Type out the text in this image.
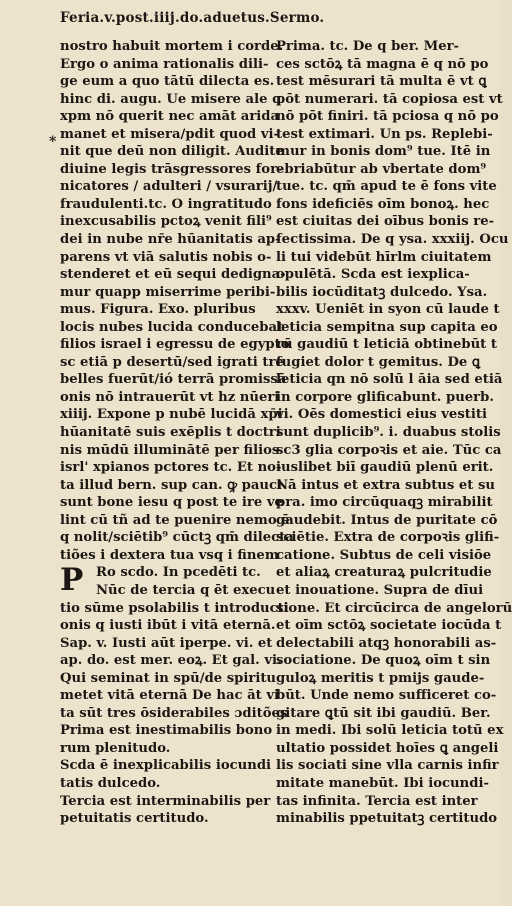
Feria.v.post.iiij.do.aduetus.Sermo.
*
nostro habuit mortem i corde.
Ergo o anima rationalis dili-
ge eum a quo tātū dilecta es.
hinc di. augu. Ue misere ale q
xpm nō querit nec amāt arida
manet et misera/pdit quod vi-
nit que deū non diligit. Audite
diuine legis trāsgressores for-
nicatores / adulteri / vsurarij/
fraudulenti.tc. O ingratitudo
inexcusabilis pctoꝝ venit fili⁹
dei in nube nr̄e hūanitatis ap-
parens vt viā salutis nobis o-
stenderet et eū sequi dedigna-
mur quapp miserrime peribi-
mus. Figura. Exo. pluribus
locis nubes lucida conducebat
filios israel i egressu de egypto
sc etiā p desertū/sed igrati tre
belles fuerūt/ió terrā promissā
onis nō intrauerūt vt hz nūeri
xiiij. Expone p nubē lucidā xp̄i
hūanitatē suis exēplis t doctri
nis mūdū illuminātē per filios
isrl' xpianos pctores tc. Et no-
ta illud bern. sup can. ꝙ pauci
sunt bone iesu q post te ire ve
lint cū tñ ad te puenire nemo ē
q nolit/sciētib⁹ cūctꝫ qm̄ dilecta
tiões i dextera tua vsq i finem
P Ro scdo. In pcedēti tc.
Nūc de tercia q ēt execu
tio sūme psolabilis t introducti
onis q iusti ibūt i vitā eternā.
Sap. v. Iusti aūt iperpe. vi. et
ap. do. est mer. eoꝝ. Et gal. vi.
Qui seminat in spū/de spiritu
metet vitā eternā De hac āt vi
ta sūt tres ōsiderabiles ɔditões
Prima est inestimabilis bono
rum plenitudo.
Scda ē inexplicabilis iocundi
tatis dulcedo.
Tercia est interminabilis per
petuitatis certitudo.
Prima. tc. De q ber. Mer-
ces sctōꝝ tā magna ē q nō po
test mēsurari tā multa ē vt ꝗ
pōt numerari. tā copiosa est vt
nō pōt finiri. tā pciosa q nō po
test extimari. Un ps. Replebi-
mur in bonis dom⁹ tue. Itē in
ebriabūtur ab vbertate dom⁹
tue. tc. qm̄ apud te ē fons vite
fons ideficiēs oīm bonoꝝ. hec
est ciuitas dei oībus bonis re-
fectissima. De q ysa. xxxiij. Ocu
li tui videbūt hīrlm ciuitatem
opulētā. Scda est iexplica-
bilis iocūditatꝫ dulcedo. Ysa.
xxxv. Ueniēt in syon cū laude t
leticia sempitna sup capita eo
rū gaudiū t leticiā obtinebūt t
fugiet dolor t gemitus. De ꝗ
leticia qn nō solū l āia sed etiā
in corpore glificabunt. puerb.
vi. Oēs domestici eius vestiti
sunt duplicib⁹. i. duabus stolis
sc3 glia corpoꝛis et aie. Tūc ca
iuslibet biī gaudiū plenū erit.
Nā intus et extra subtus et su
pra. imo circūquaqꝫ mirabilit
gaudebit. Intus de puritate cō
sciētie. Extra de corpoꝛis glifi-
catione. Subtus de celi visiōe
et aliaꝝ creaturaꝝ pulcritudie
et inouatione. Supra de dīui
sione. Et circūcirca de angelorū
et oīm sctōꝝ societate iocūda t
delectabili atqꝫ honorabili as-
sociatione. De quoꝝ oīm t sin
guloꝝ meritis t pmijs gaude-
būt. Unde nemo sufficeret co-
gitare ꝗtū sit ibi gaudiū. Ber.
in medi. Ibi solū leticia totū ex
ultatio possidet hoīes ꝗ angeli
lis sociati sine vlla carnis infir
mitate manebūt. Ibi iocundi-
tas infinita. Tercia est inter
minabilis ppetuitatꝫ certitudo
